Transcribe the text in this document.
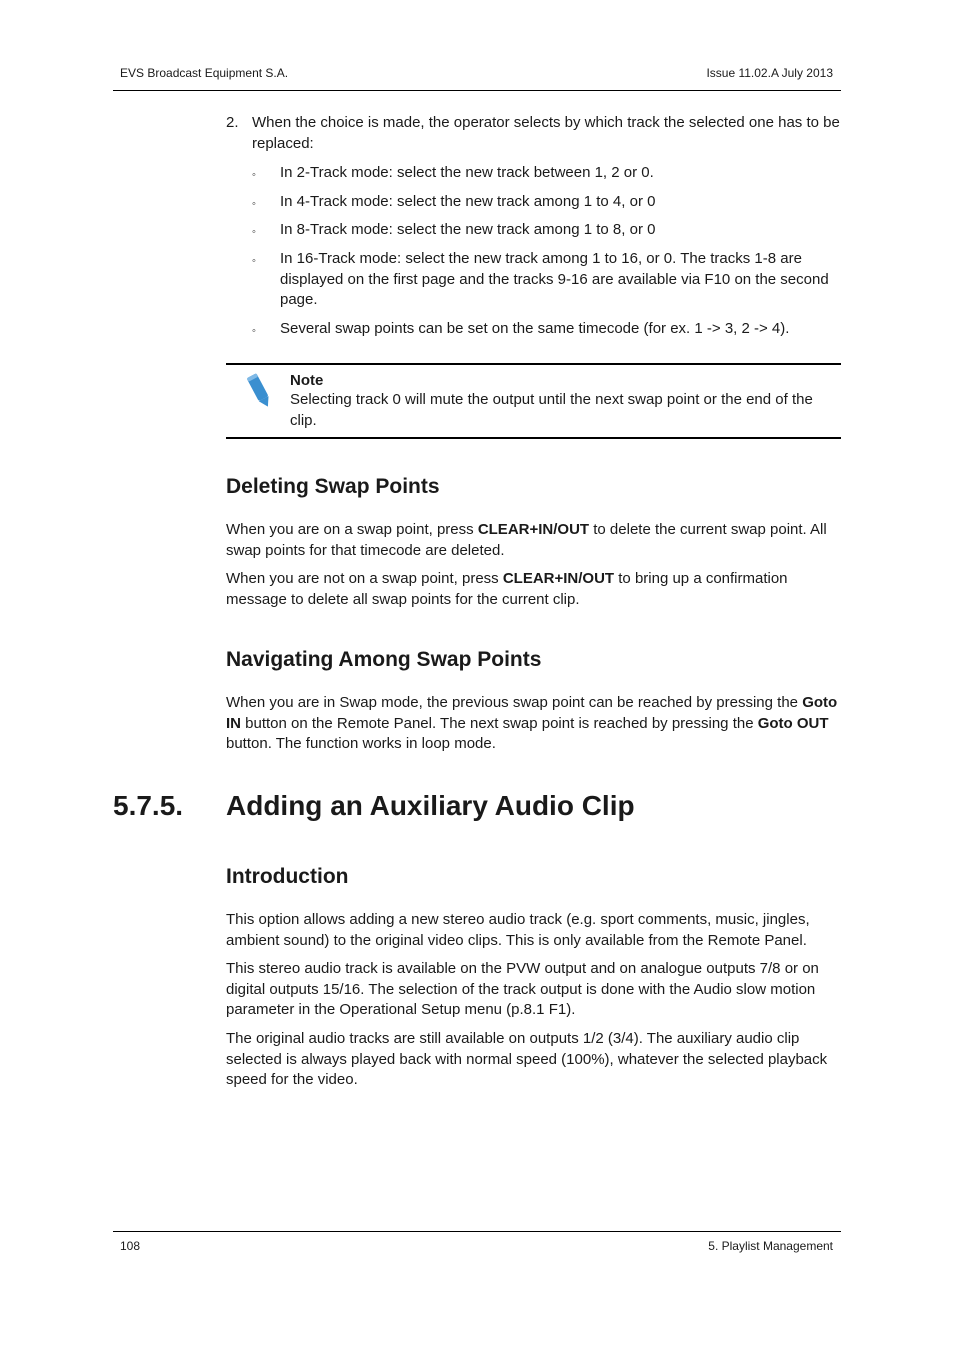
EVS Broadcast Equipment S.A.	Issue 11.02.A July 2013
2. When the choice is made, the operator selects by which track the selected one has to be replaced:
◦ In 2-Track mode: select the new track between 1, 2 or 0.
◦ In 4-Track mode: select the new track among 1 to 4, or 0
◦ In 8-Track mode: select the new track among 1 to 8, or 0
◦ In 16-Track mode: select the new track among 1 to 16, or 0. The tracks 1-8 are displayed on the first page and the tracks 9-16 are available via F10 on the second page.
◦ Several swap points can be set on the same timecode (for ex. 1 -> 3, 2 -> 4).
Note
Selecting track 0 will mute the output until the next swap point or the end of the clip.
Deleting Swap Points
When you are on a swap point, press CLEAR+IN/OUT to delete the current swap point. All swap points for that timecode are deleted.
When you are not on a swap point, press CLEAR+IN/OUT to bring up a confirmation message to delete all swap points for the current clip.
Navigating Among Swap Points
When you are in Swap mode, the previous swap point can be reached by pressing the Goto IN button on the Remote Panel. The next swap point is reached by pressing the Goto OUT button. The function works in loop mode.
5.7.5. Adding an Auxiliary Audio Clip
Introduction
This option allows adding a new stereo audio track (e.g. sport comments, music, jingles, ambient sound) to the original video clips. This is only available from the Remote Panel.
This stereo audio track is available on the PVW output and on analogue outputs 7/8 or on digital outputs 15/16. The selection of the track output is done with the Audio slow motion parameter in the Operational Setup menu (p.8.1 F1).
The original audio tracks are still available on outputs 1/2 (3/4). The auxiliary audio clip selected is always played back with normal speed (100%), whatever the selected playback speed for the video.
108	5. Playlist Management
